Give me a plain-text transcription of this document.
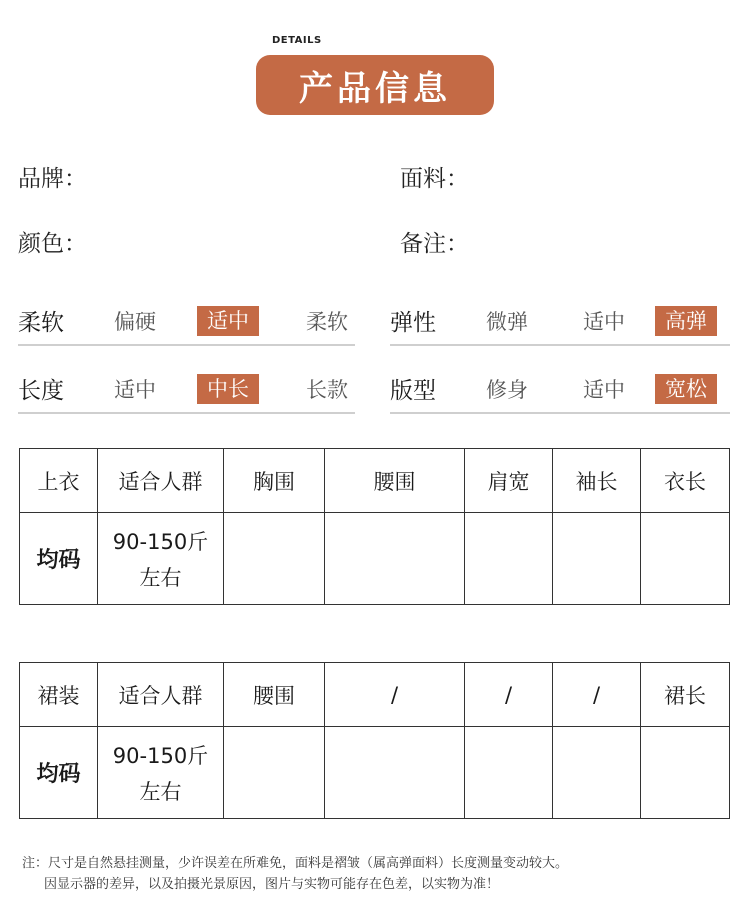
DETAILS
产品信息
品牌：	面料：
颜色：	备注：
柔软 偏硬	适中	柔软 弹性 微弹	适中	高弹
长度 适中	中长	长款 版型 修身	适中	宽松
上衣	适合人群	胸围	腰围	肩宽	袖长	衣长
均码	90-150斤
左右					

裙装	适合人群	腰围	/	/	/	裙长
均码	90-150斤
左右					

注：尺寸是自然悬挂测量，少许误差在所难免，面料是褶皱（属高弹面料）长度测量变动较大。
因显示器的差异，以及拍摄光景原因，图片与实物可能存在色差，以实物为准！
